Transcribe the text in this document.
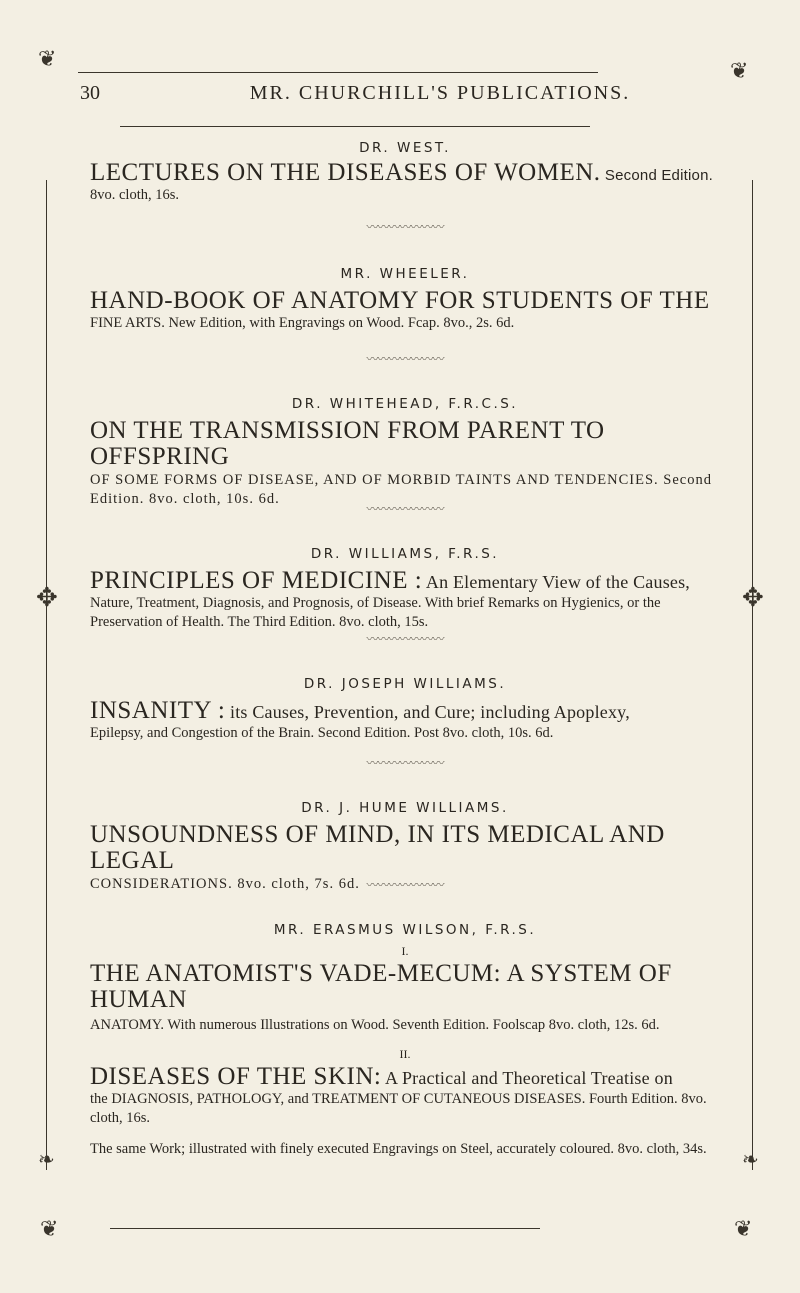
❦	❦
❦	❦
✥	✥
❧	❧
30	MR. CHURCHILL'S PUBLICATIONS.

DR. WEST.

LECTURES ON THE DISEASES OF WOMEN. Second Edition.

8vo. cloth, 16s.

〰〰〰〰〰〰〰

MR. WHEELER.

HAND-BOOK OF ANATOMY FOR STUDENTS OF THE

FINE ARTS. New Edition, with Engravings on Wood. Fcap. 8vo., 2s. 6d.

〰〰〰〰〰〰〰

DR. WHITEHEAD, F.R.C.S.

ON THE TRANSMISSION FROM PARENT TO OFFSPRING

OF SOME FORMS OF DISEASE, AND OF MORBID TAINTS AND TENDENCIES. Second Edition. 8vo. cloth, 10s. 6d.

〰〰〰〰〰〰〰

DR. WILLIAMS, F.R.S.

PRINCIPLES OF MEDICINE : An Elementary View of the Causes,

Nature, Treatment, Diagnosis, and Prognosis, of Disease. With brief Remarks on Hygienics, or the Preservation of Health. The Third Edition. 8vo. cloth, 15s.

〰〰〰〰〰〰〰

DR. JOSEPH WILLIAMS.

INSANITY : its Causes, Prevention, and Cure; including Apoplexy,

Epilepsy, and Congestion of the Brain. Second Edition. Post 8vo. cloth, 10s. 6d.

〰〰〰〰〰〰〰

DR. J. HUME WILLIAMS.

UNSOUNDNESS OF MIND, IN ITS MEDICAL AND LEGAL

CONSIDERATIONS. 8vo. cloth, 7s. 6d. 〰〰〰〰〰〰〰

MR. ERASMUS WILSON, F.R.S.

I.

THE ANATOMIST'S VADE-MECUM: A SYSTEM OF HUMAN

ANATOMY. With numerous Illustrations on Wood. Seventh Edition. Foolscap 8vo. cloth, 12s. 6d.

II.

DISEASES OF THE SKIN: A Practical and Theoretical Treatise on

the DIAGNOSIS, PATHOLOGY, and TREATMENT OF CUTANEOUS DISEASES. Fourth Edition. 8vo. cloth, 16s.

The same Work; illustrated with finely executed Engravings on Steel, accurately coloured. 8vo. cloth, 34s.
